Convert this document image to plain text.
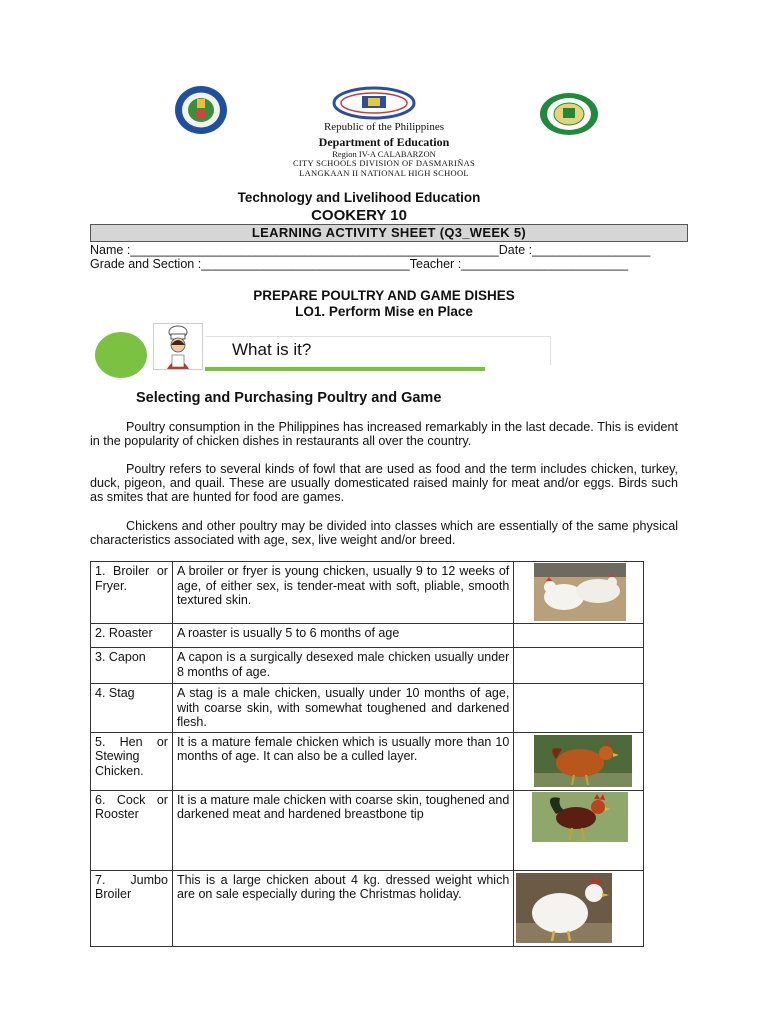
Republic of the Philippines
Department of Education
Region IV-A CALABARZON
CITY SCHOOLS DIVISION OF DASMARIÑAS
LANGKAAN II NATIONAL HIGH SCHOOL
Technology and Livelihood Education
COOKERY 10
LEARNING ACTIVITY SHEET (Q3_WEEK 5)
Name :_____________________________________________________Date :_________________
Grade and Section :______________________________Teacher :________________________
PREPARE POULTRY AND GAME DISHES
LO1. Perform Mise en Place
What is it?
Selecting and Purchasing Poultry and Game
Poultry consumption in the Philippines has increased remarkably in the last decade. This is evident in the popularity of chicken dishes in restaurants all over the country.
Poultry refers to several kinds of fowl that are used as food and the term includes chicken, turkey, duck, pigeon, and quail. These are usually domesticated raised mainly for meat and/or eggs. Birds such as smites that are hunted for food are games.
Chickens and other poultry may be divided into classes which are essentially of the same physical characteristics associated with age, sex, live weight and/or breed.
1. Broiler or Fryer.	A broiler or fryer is young chicken, usually 9 to 12 weeks of age, of either sex, is tender-meat with soft, pliable, smooth textured skin.	

2. Roaster	A roaster is usually 5 to 6 months of age	
3. Capon	A capon is a surgically desexed male chicken usually under 8 months of age.	
4. Stag	A stag is a male chicken, usually under 10 months of age, with coarse skin, with somewhat toughened and darkened flesh.	
5. Hen or Stewing Chicken.	It is a mature female chicken which is usually more than 10 months of age. It can also be a culled layer.	

6. Cock or Rooster	It is a mature male chicken with coarse skin, toughened and darkened meat and hardened breastbone tip	

7. Jumbo Broiler	This is a large chicken about 4 kg. dressed weight which are on sale especially during the Christmas holiday.	
